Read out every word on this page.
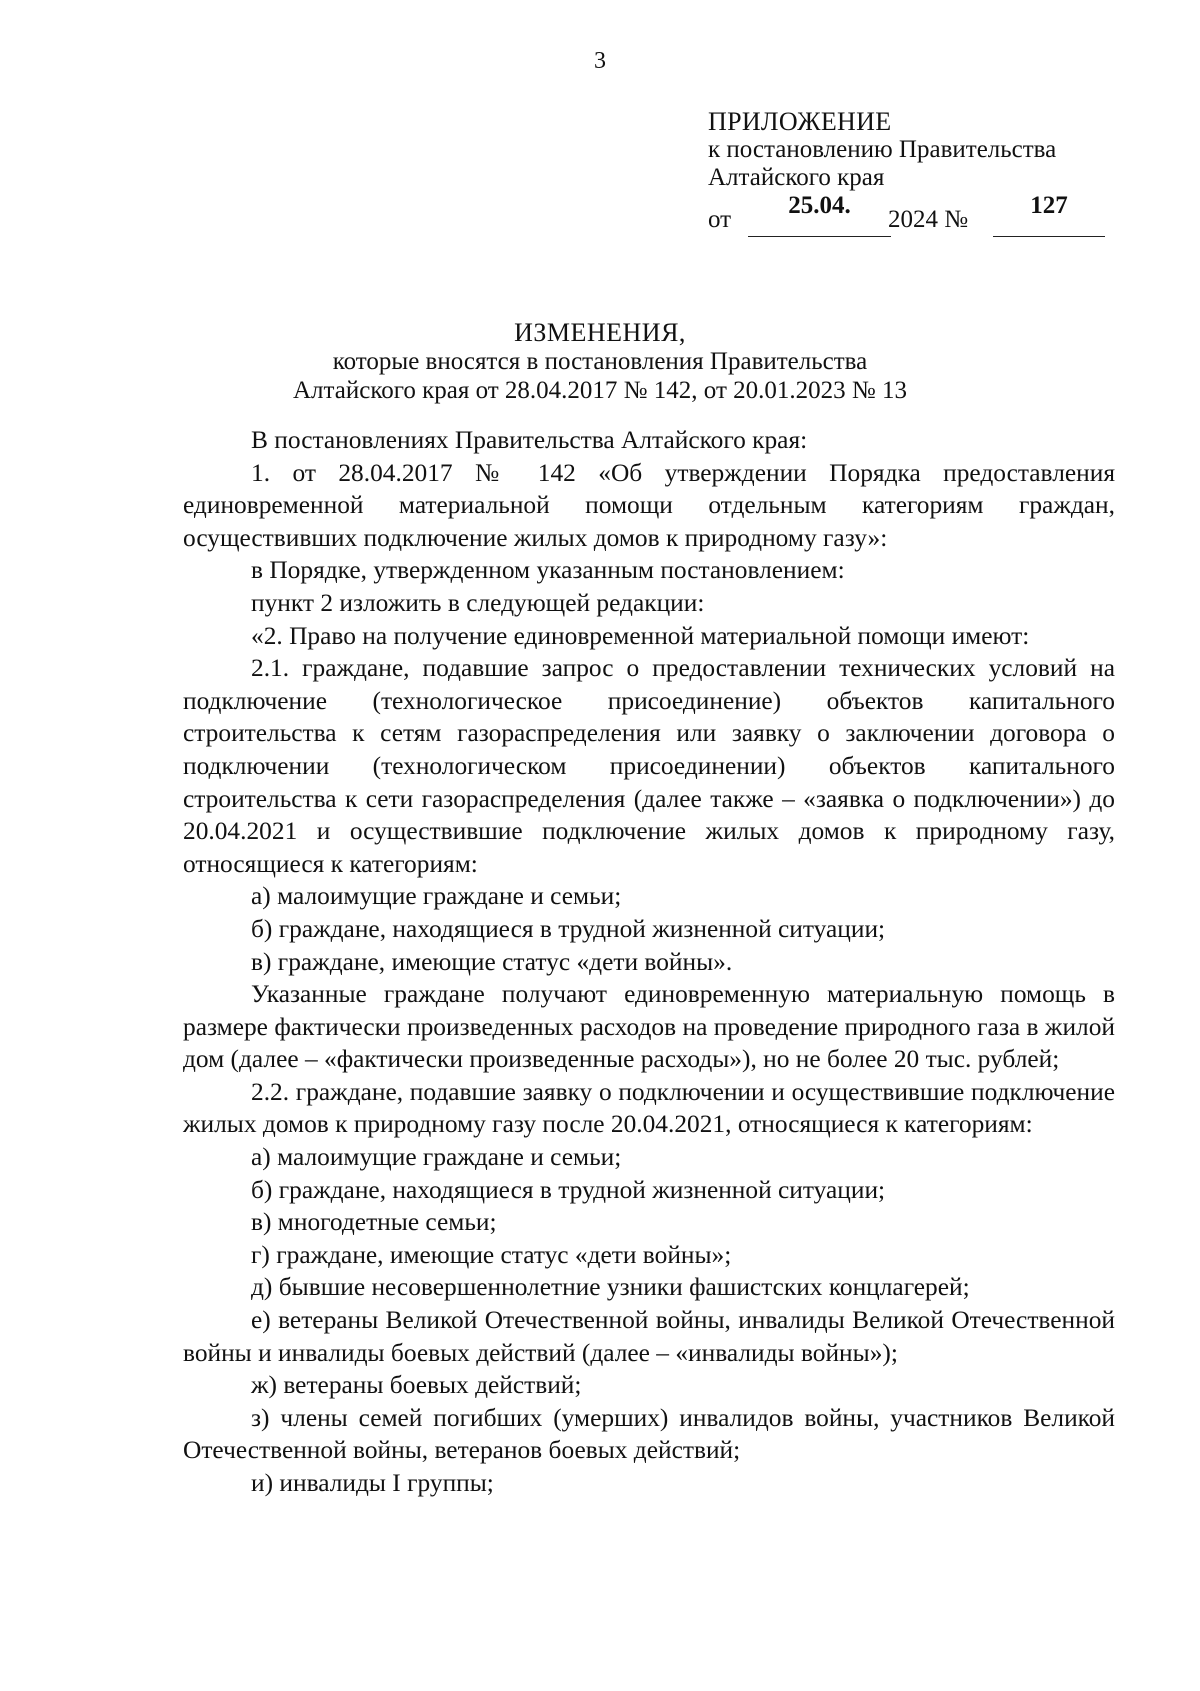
3
ПРИЛОЖЕНИЕ
к постановлению Правительства
Алтайского края
от
25.04.
2024 №
127
ИЗМЕНЕНИЯ,
которые вносятся в постановления Правительства
Алтайского края от 28.04.2017 № 142, от 20.01.2023 № 13

В постановлениях Правительства Алтайского края:

1. от 28.04.2017 № 142 «Об утверждении Порядка предоставления единовременной материальной помощи отдельным категориям граждан, осуществивших подключение жилых домов к природному газу»:

в Порядке, утвержденном указанным постановлением:

пункт 2 изложить в следующей редакции:

«2. Право на получение единовременной материальной помощи имеют:

2.1. граждане, подавшие запрос о предоставлении технических условий на подключение (технологическое присоединение) объектов капитального строительства к сетям газораспределения или заявку о заключении договора о подключении (технологическом присоединении) объектов капитального строительства к сети газораспределения (далее также – «заявка о подключении») до 20.04.2021 и осуществившие подключение жилых домов к природному газу, относящиеся к категориям:

а) малоимущие граждане и семьи;

б) граждане, находящиеся в трудной жизненной ситуации;

в) граждане, имеющие статус «дети войны».

Указанные граждане получают единовременную материальную помощь в размере фактически произведенных расходов на проведение природного газа в жилой дом (далее – «фактически произведенные расходы»), но не более 20 тыс. рублей;

2.2. граждане, подавшие заявку о подключении и осуществившие подключение жилых домов к природному газу после 20.04.2021, относящиеся к категориям:

а) малоимущие граждане и семьи;

б) граждане, находящиеся в трудной жизненной ситуации;

в) многодетные семьи;

г) граждане, имеющие статус «дети войны»;

д) бывшие несовершеннолетние узники фашистских концлагерей;

е) ветераны Великой Отечественной войны, инвалиды Великой Отечественной войны и инвалиды боевых действий (далее – «инвалиды войны»);

ж) ветераны боевых действий;

з) члены семей погибших (умерших) инвалидов войны, участников Великой Отечественной войны, ветеранов боевых действий;

и) инвалиды I группы;
